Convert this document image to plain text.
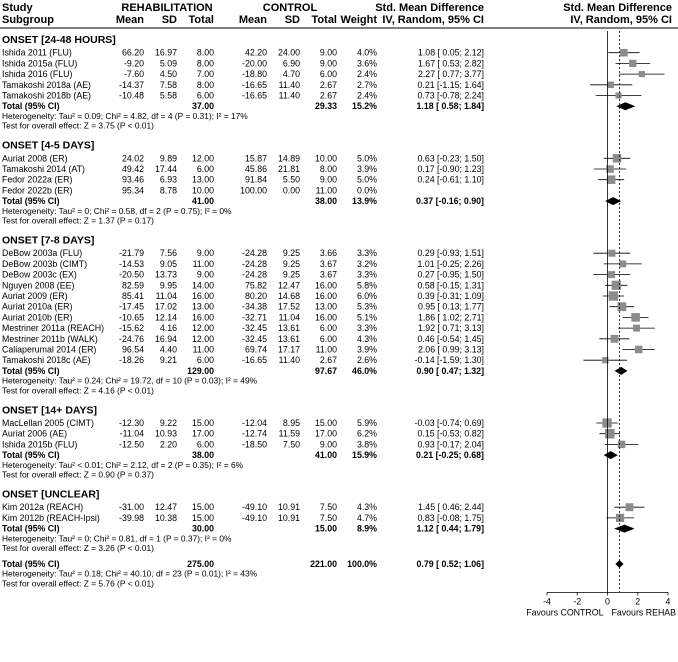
Study
Subgroup
REHABILITATION	CONTROL
Mean SD Total Mean SD Total Weight
Std. Mean Difference
IV, Random, 95% CI
Std. Mean Difference
IV, Random, 95% CI
ONSET [24-48 HOURS]
Ishida 2011 (FLU)	66.20 16.97 8.00	42.20 24.00 9.00 4.0%	1.08 [ 0.05; 2.12]
Ishida 2015a (FLU)	-9.20 5.09 8.00	-20.00 6.90 9.00 3.6%	1.67 [ 0.53; 2.82]
Ishida 2016 (FLU)	-7.60 4.50 7.00	-18.80 4.70 6.00 2.4%	2.27 [ 0.77; 3.77]
Tamakoshi 2018a (AE)	-14.37 7.58 8.00	-16.65 11.40 2.67 2.7%	0.21 [-1.15; 1.64]
Tamakoshi 2018b (AE)	-10.48 5.58 6.00	-16.65 11.40 2.67 2.4%	0.73 [-0.78; 2.24]
Total (95% CI)	37.00	29.33 15.2%	1.18 [ 0.58; 1.84]
Heterogeneity: Tau² = 0.09; Chi² = 4.82, df = 4 (P = 0.31); I² = 17%
Test for overall effect: Z = 3.75 (P < 0.01)
ONSET [4-5 DAYS]
Auriat 2008 (ER)	24.02 9.89 12.00	15.87 14.89 10.00 5.0%	0.63 [-0.23; 1.50]
Tamakoshi 2014 (AT)	49.42 17.44 6.00	45.86 21.81 8.00 3.9%	0.17 [-0.90; 1.23]
Fedor 2022a (ER)	93.46 6.93 13.00	91.84 5.50 9.00 5.0%	0.24 [-0.61; 1.10]
Fedor 2022b (ER)	95.34 8.78 10.00	100.00 0.00 11.00 0.0%
Total (95% CI)	41.00	38.00 13.9%	0.37 [-0.16; 0.90]
Heterogeneity: Tau² = 0; Chi² = 0.58, df = 2 (P = 0.75); I² = 0%
Test for overall effect: Z = 1.37 (P = 0.17)
ONSET [7-8 DAYS]
DeBow 2003a (FLU)	-21.79 7.56 9.00	-24.28 9.25 3.66 3.3%	0.29 [-0.93; 1.51]
DeBow 2003b (CIMT)	-14.53 9.05 11.00	-24.28 9.25 3.67 3.2%	1.01 [-0.25; 2.26]
DeBow 2003c (EX)	-20.50 13.73 9.00	-24.28 9.25 3.67 3.3%	0.27 [-0.95; 1.50]
Nguyen 2008 (EE)	82.59 9.95 14.00	75.82 12.47 16.00 5.8%	0.58 [-0.15; 1.31]
Auriat 2009 (ER)	85.41 11.04 16.00	80.20 14.68 16.00 6.0%	0.39 [-0.31; 1.09]
Auriat 2010a (ER)	-17.45 17.02 13.00	-34.38 17.52 13.00 5.3%	0.95 [ 0.13; 1.77]
Auriat 2010b (ER)	-10.65 12.14 16.00	-32.71 11.04 16.00 5.1%	1.86 [ 1.02; 2.71]
Mestriner 2011a (REACH) -15.62 4.16 12.00	-32.45 13.61 6.00 3.3%	1.92 [ 0.71; 3.13]
Mestriner 2011b (WALK) -24.76 16.94 12.00	-32.45 13.61 6.00 4.3%	0.46 [-0.54; 1.45]
Caliaperumal 2014 (ER)	96.54 4.40 11.00	69.74 17.17 11.00 3.9%	2.06 [ 0.99; 3.13]
Tamakoshi 2018c (AE)	-18.26 9.21 6.00	-16.65 11.40 2.67 2.6%	-0.14 [-1.59; 1.30]
Total (95% CI)	129.00	97.67 46.0%	0.90 [ 0.47; 1.32]
Heterogeneity: Tau² = 0.24; Chi² = 19.72, df = 10 (P = 0.03); I² = 49%
Test for overall effect: Z = 4.16 (P < 0.01)
ONSET [14+ DAYS]
MacLellan 2005 (CIMT)	-12.30 9.22 15.00	-12.04 8.95 15.00 5.9%	-0.03 [-0.74; 0.69]
Auriat 2006 (AE)	-11.04 10.93 17.00	-12.74 11.59 17.00 6.2%	0.15 [-0.53; 0.82]
Ishida 2015b (FLU)	-12.50 2.20 6.00	-18.50 7.50 9.00 3.8%	0.93 [-0.17; 2.04]
Total (95% CI)	38.00	41.00 15.9%	0.21 [-0.25; 0.68]
Heterogeneity: Tau² < 0.01; Chi² = 2.12, df = 2 (P = 0.35); I² = 6%
Test for overall effect: Z = 0.90 (P = 0.37)
ONSET [UNCLEAR]
Kim 2012a (REACH)	-31.00 12.47 15.00	-49.10 10.91 7.50 4.3%	1.45 [ 0.46; 2.44]
Kim 2012b (REACH-Ipsi) -39.98 10.38 15.00	-49.10 10.91 7.50 4.7%	0.83 [-0.08; 1.75]
Total (95% CI)	30.00	15.00 8.9%	1.12 [ 0.44; 1.79]
Heterogeneity: Tau² = 0; Chi² = 0.81, df = 1 (P = 0.37); I² = 0%
Test for overall effect: Z = 3.26 (P < 0.01)
Total (95% CI)	275.00	221.00 100.0%	0.79 [ 0.52; 1.06]
Heterogeneity: Tau² = 0.18; Chi² = 40.10, df = 23 (P = 0.01); I² = 43%
Test for overall effect: Z = 5.76 (P < 0.01)
-4	-2	0	2	4
Favours CONTROL Favours REHAB
